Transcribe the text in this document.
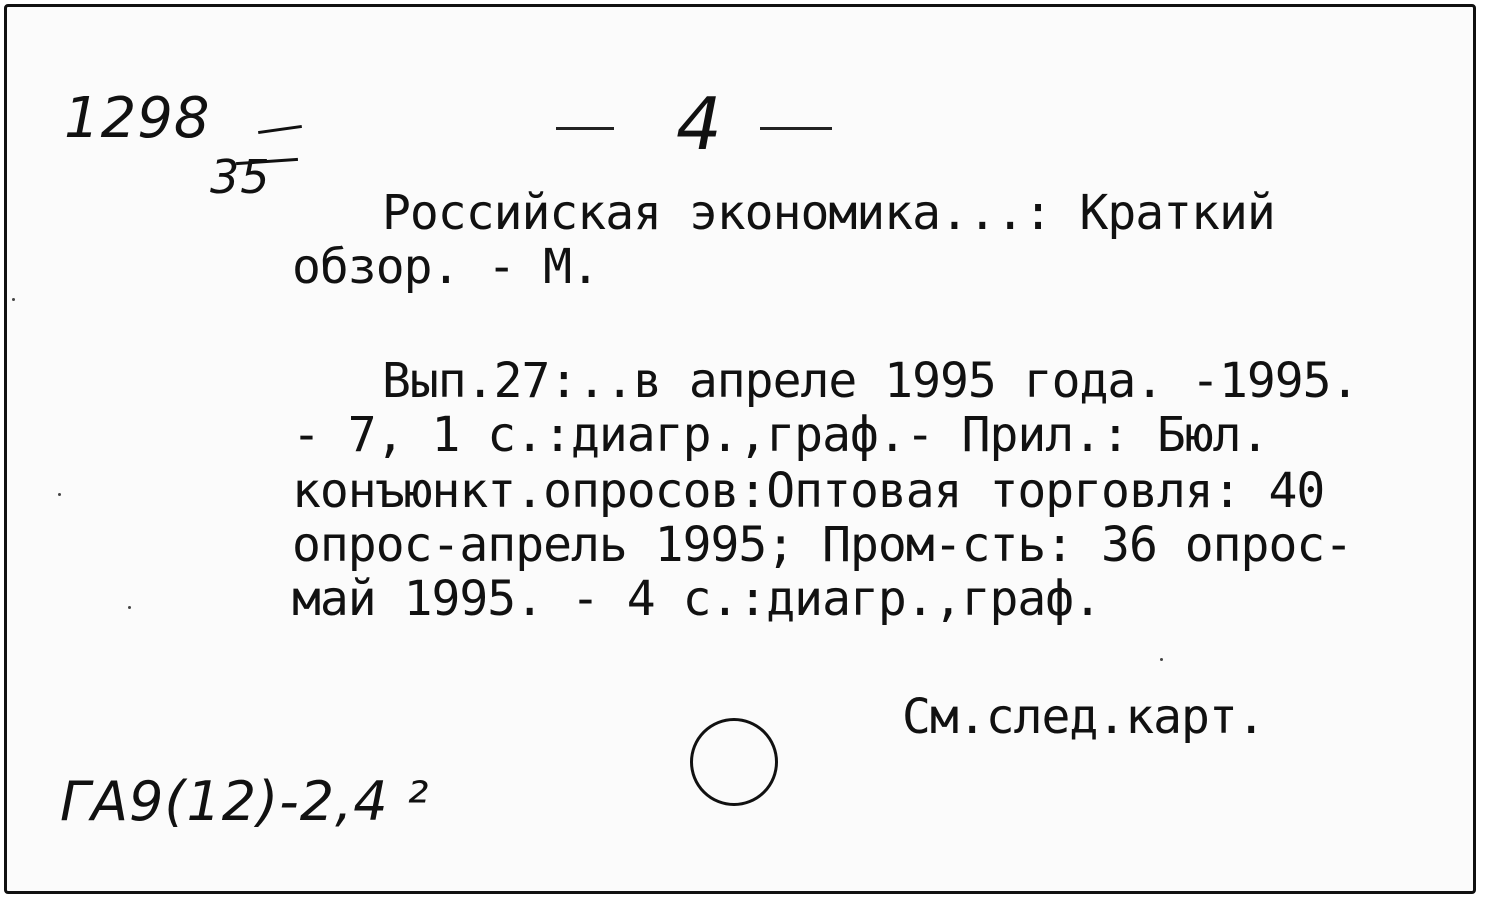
1298
35
4
Российская экономика...: Краткий
обзор. - М.
Вып.27:..в апреле 1995 года. -1995.
- 7, 1 с.:диагр.,граф.- Прил.: Бюл.
конъюнкт.опросов:Оптовая торговля: 40
опрос-апрель 1995; Пром-сть: 36 опрос-
май 1995. - 4 с.:диагр.,граф.
См.след.карт.
ГА9(12)-2,4 ²
